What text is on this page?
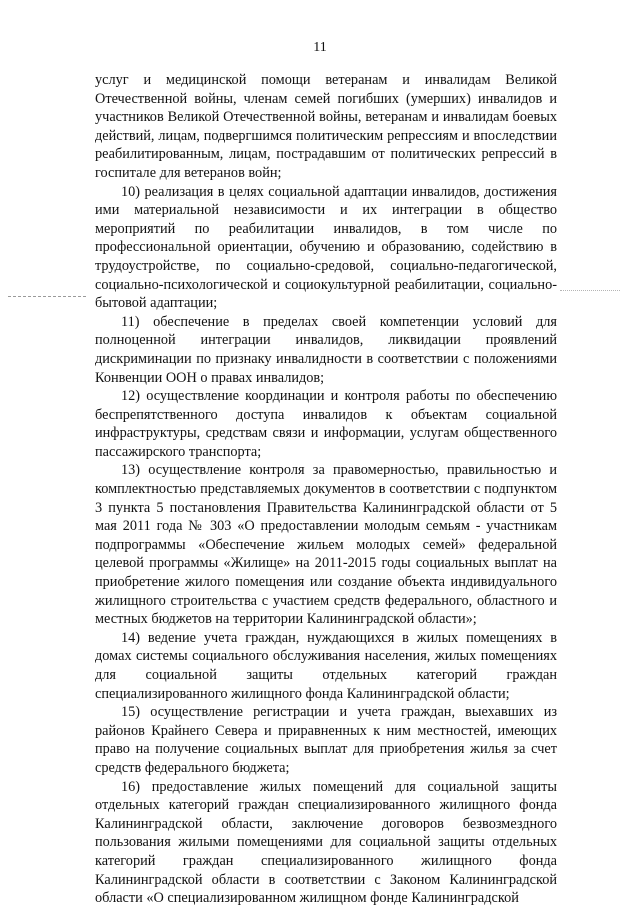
11

услуг и медицинской помощи ветеранам и инвалидам Великой Отечественной войны, членам семей погибших (умерших) инвалидов и участников Великой Отечественной войны, ветеранам и инвалидам боевых действий, лицам, подвергшимся политическим репрессиям и впоследствии реабилитированным, лицам, пострадавшим от политических репрессий в госпитале для ветеранов войн;

10) реализация в целях социальной адаптации инвалидов, достижения ими материальной независимости и их интеграции в общество мероприятий по реабилитации инвалидов, в том числе по профессиональной ориентации, обучению и образованию, содействию в трудоустройстве, по социально-средовой, социально-педагогической, социально-психологической и социокультурной реабилитации, социально-бытовой адаптации;

11) обеспечение в пределах своей компетенции условий для полноценной интеграции инвалидов, ликвидации проявлений дискриминации по признаку инвалидности в соответствии с положениями Конвенции ООН о правах инвалидов;

12) осуществление координации и контроля работы по обеспечению беспрепятственного доступа инвалидов к объектам социальной инфраструктуры, средствам связи и информации, услугам общественного пассажирского транспорта;

13) осуществление контроля за правомерностью, правильностью и комплектностью представляемых документов в соответствии с подпунктом 3 пункта 5 постановления Правительства Калининградской области от 5 мая 2011 года № 303 «О предоставлении молодым семьям - участникам подпрограммы «Обеспечение жильем молодых семей» федеральной целевой программы «Жилище» на 2011-2015 годы социальных выплат на приобретение жилого помещения или создание объекта индивидуального жилищного строительства с участием средств федерального, областного и местных бюджетов на территории Калининградской области»;

14) ведение учета граждан, нуждающихся в жилых помещениях в домах системы социального обслуживания населения, жилых помещениях для социальной защиты отдельных категорий граждан специализированного жилищного фонда Калининградской области;

15) осуществление регистрации и учета граждан, выехавших из районов Крайнего Севера и приравненных к ним местностей, имеющих право на получение социальных выплат для приобретения жилья за счет средств федерального бюджета;

16) предоставление жилых помещений для социальной защиты отдельных категорий граждан специализированного жилищного фонда Калининградской области, заключение договоров безвозмездного пользования жилыми помещениями для социальной защиты отдельных категорий граждан специализированного жилищного фонда Калининградской области в соответствии с Законом Калининградской области «О специализированном жилищном фонде Калининградской
